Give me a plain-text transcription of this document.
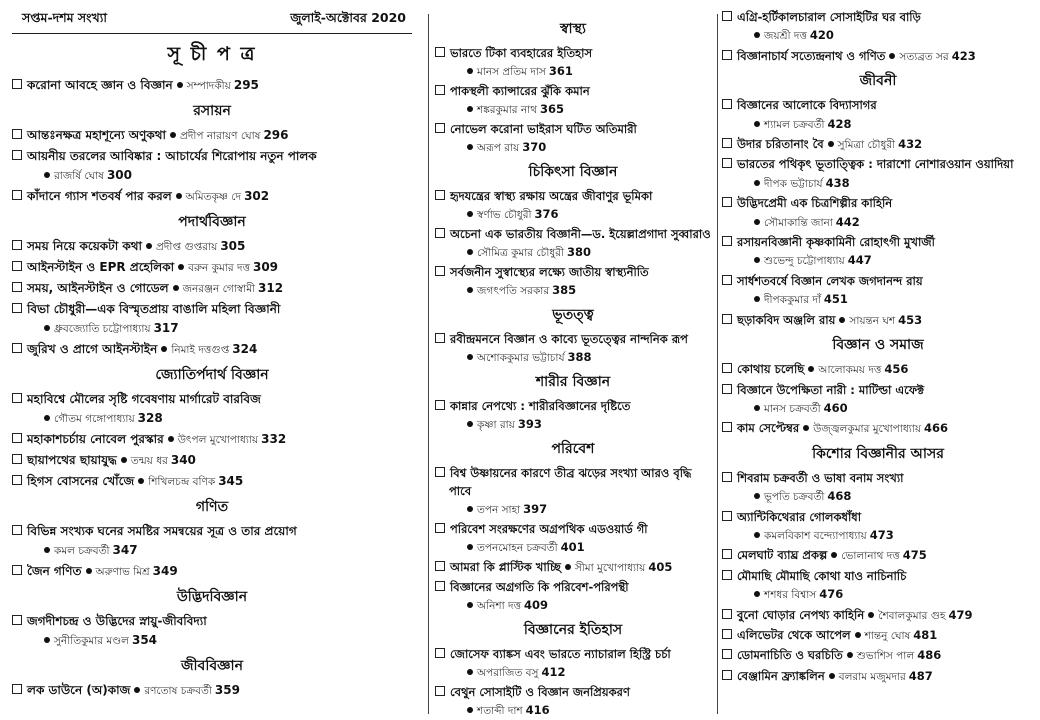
সপ্তম-দশম সংখ্যা	জুলাই-অক্টোবর 2020
সূ চী প ত্র
করোনা আবহে জ্ঞান ও বিজ্ঞান সম্পাদকীয় 295
রসায়ন
আন্তঃনক্ষত্র মহাশূন্যে অণুকথা প্রদীপ নারায়ণ ঘোষ 296
আয়নীয় তরলের আবিষ্কার : আচার্যের শিরোপায় নতুন পালক
রাজর্ষি ঘোষ 300
কাঁদানে গ্যাস শতবর্ষ পার করল অমিতকৃষ্ণ দে 302
পদার্থবিজ্ঞান
সময় নিয়ে কয়েকটা কথা প্রদীপ্ত গুপ্তরায় 305
আইনস্টাইন ও EPR প্রহেলিকা বরুন কুমার দত্ত 309
সময়, আইনস্টাইন ও গোডেল জনরঞ্জন গোস্বামী 312
বিভা চৌধুরী—এক বিস্মৃতপ্রায় বাঙালি মহিলা বিজ্ঞানী
ধ্রুবজ্যোতি চট্টোপাধ্যায় 317
জুরিখ ও প্রাগে আইনস্টাইন নিমাই দত্তগুপ্ত 324
জ্যোতির্পদার্থ বিজ্ঞান
মহাবিশ্বে মৌলের সৃষ্টি গবেষণায় মার্গারেট বারবিজ
গৌতম গঙ্গোপাধ্যায় 328
মহাকাশচর্চায় নোবেল পুরস্কার উৎপল মুখোপাধ্যায় 332
ছায়াপথের ছায়াযুদ্ধ তন্ময় ধর 340
হিগস বোসনের খোঁজে শিখিলচন্দ্র বণিক 345
গণিত
বিভিন্ন সংখ্যক ঘনের সমষ্টির সমন্বয়ের সূত্র ও তার প্রয়োগ
কমল চক্রবর্তী 347
জৈন গণিত অরুণাভ মিশ্র 349
উদ্ভিদবিজ্ঞান
জগদীশচন্দ্র ও উদ্ভিদের স্নায়ু-জীববিদ্যা
সুনীতিকুমার মণ্ডল 354
জীববিজ্ঞান
লক ডাউনে (অ)কাজ রণতোষ চক্রবর্তী 359
স্বাস্থ্য
ভারতে টিকা ব্যবহারের ইতিহাস
মানস প্রতিম দাস 361
পাকস্থলী ক্যান্সারের ঝুঁকি কমান
শঙ্করকুমার নাথ 365
নোভেল করোনা ভাইরাস ঘটিত অতিমারী
অরূপ রায় 370
চিকিৎসা বিজ্ঞান
হৃদযন্ত্রের স্বাস্থ্য রক্ষায় অন্ত্রের জীবাণুর ভূমিকা
স্বর্ণাভ চৌধুরী 376
অচেনা এক ভারতীয় বিজ্ঞানী—ড. ইয়েল্লাপ্রগাদা সুব্বারাও
সৌমিত্র কুমার চৌধুরী 380
সর্বজনীন সুস্বাস্থ্যের লক্ষ্যে জাতীয় স্বাস্থ্যনীতি
জগৎপতি সরকার 385
ভূতত্ত্ব
রবীন্দ্রমননে বিজ্ঞান ও কাব্যে ভূতত্ত্বের নান্দনিক রূপ
অশোককুমার ভট্টাচার্য 388
শারীর বিজ্ঞান
কান্নার নেপথ্যে : শারীরবিজ্ঞানের দৃষ্টিতে
কৃষ্ণা রায় 393
পরিবেশ
বিশ্ব উষ্ণায়নের কারণে তীব্র ঝড়ের সংখ্যা আরও বৃদ্ধি পাবে
তপন সাহা 397
পরিবেশ সংরক্ষণের অগ্রপথিক এডওয়ার্ড গী
তপনমোহন চক্রবর্তী 401
আমরা কি প্লাস্টিক খাচ্ছি সীমা মুখোপাধ্যায় 405
বিজ্ঞানের অগ্রগতি কি পরিবেশ-পরিপন্থী
অনিশা দত্ত 409
বিজ্ঞানের ইতিহাস
জোসেফ ব্যাঙ্কস এবং ভারতে ন্যাচারাল হিস্ট্রি চর্চা
অপরাজিত বসু 412
বেথুন সোসাইটি ও বিজ্ঞান জনপ্রিয়করণ
শতাব্দী দাশ 416
এগ্রি-হর্টিকালচারাল সোসাইটির ঘর বাড়ি
জয়শ্রী দত্ত 420
বিজ্ঞানাচার্য সত্যেন্দ্রনাথ ও গণিত সত্যব্রত সর 423
জীবনী
বিজ্ঞানের আলোকে বিদ্যাসাগর
শ্যামল চক্রবর্তী 428
উদার চরিতানাং বৈ সুমিত্রা চৌধুরী 432
ভারতের পথিকৃৎ ভূতাত্ত্বিক : দারাশো নোশারওয়ান ওয়াদিয়া
দীপক ভট্টাচার্য 438
উদ্ভিদপ্রেমী এক চিত্রশিল্পীর কাহিনি
সৌমাকান্তি জানা 442
রসায়নবিজ্ঞানী কৃষ্ণকামিনী রোহাৎগী মুখার্জী
শুভেন্দু চট্টোপাধ্যায় 447
সার্ধশতবর্ষে বিজ্ঞান লেখক জগদানন্দ রায়
দীপককুমার দাঁ 451
ছড়াকবিদ অঞ্জলি রায় সায়ন্তন ঘশ 453
বিজ্ঞান ও সমাজ
কোথায় চলেছি আলোকময় দত্ত 456
বিজ্ঞানে উপেক্ষিতা নারী : মাটিল্ডা এফেক্ট
মানস চক্রবর্তী 460
কাম সেপ্টেম্বর উজ্জ্বলকুমার মুখোপাধ্যায় 466
কিশোর বিজ্ঞানীর আসর
শিবরাম চক্রবর্তী ও ভাষা বনাম সংখ্যা
ভূপতি চক্রবর্তী 468
অ্যান্টিকিথেরার গোলকধাঁধা
কমলবিকাশ বন্দ্যোপাধ্যায় 473
মেলঘাট ব্যাঘ্র প্রকল্প ভোলানাথ দত্ত 475
মৌমাছি মৌমাছি কোথা যাও নাচিনাচি
শশধর বিশ্বাস 476
বুনো ঘোড়ার নেপথ্য কাহিনি শৈবালকুমার গুহ 479
এলিভেটর থেকে আপেল শান্তনু ঘোষ 481
ডোমনাচিতি ও ঘরচিতি শুভাশিস পাল 486
বেঞ্জামিন ফ্র্যাঙ্কলিন বলরাম মজুমদার 487
